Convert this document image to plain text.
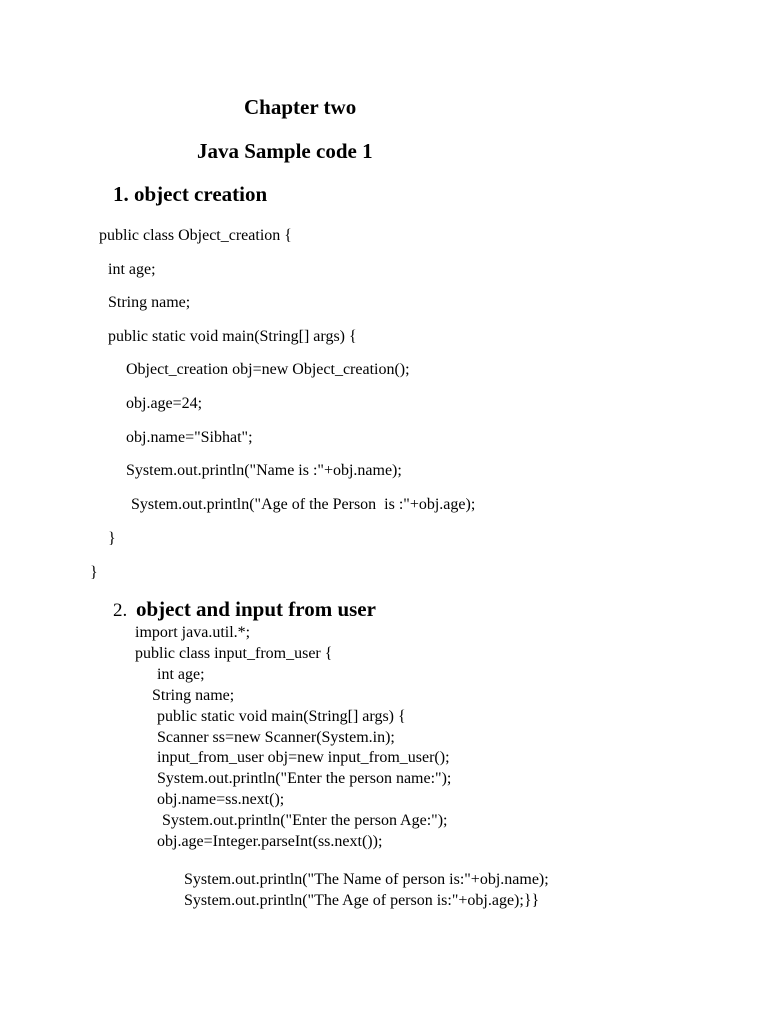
Chapter two
Java Sample code 1
1. object creation
public class Object_creation {
int age;
String name;
public static void main(String[] args) {
Object_creation obj=new Object_creation();
obj.age=24;
obj.name="Sibhat";
System.out.println("Name is :"+obj.name);
System.out.println("Age of the Person  is :"+obj.age);
}
}
2. object and input from user
import java.util.*;
public class input_from_user {
int age;
String name;
public static void main(String[] args) {
Scanner ss=new Scanner(System.in);
input_from_user obj=new input_from_user();
System.out.println("Enter the person name:");
obj.name=ss.next();
System.out.println("Enter the person Age:");
obj.age=Integer.parseInt(ss.next());
System.out.println("The Name of person is:"+obj.name);
System.out.println("The Age of person is:"+obj.age);}}
